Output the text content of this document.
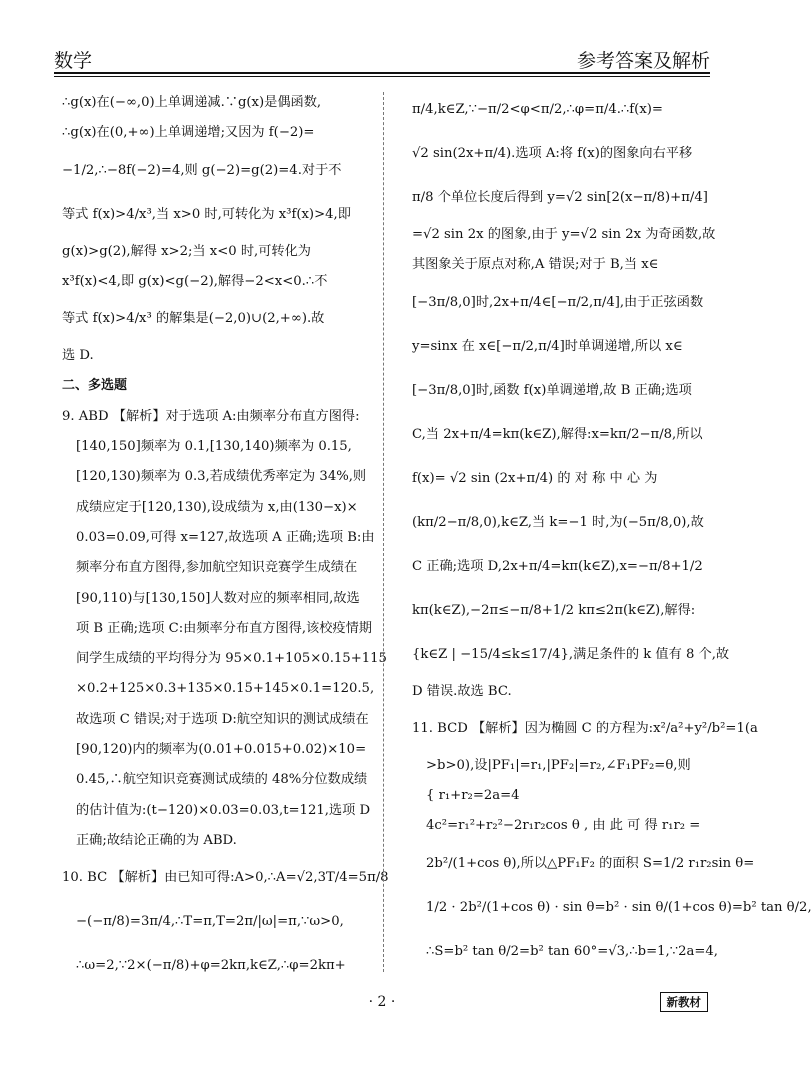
数学	参考答案及解析
∴g(x)在(−∞,0)上单调递减.∵g(x)是偶函数,
∴g(x)在(0,+∞)上单调递增;又因为 f(−2)=
−1/2,∴−8f(−2)=4,则 g(−2)=g(2)=4.对于不
等式 f(x)>4/x³,当 x>0 时,可转化为 x³f(x)>4,即
g(x)>g(2),解得 x>2;当 x<0 时,可转化为
x³f(x)<4,即 g(x)<g(−2),解得−2<x<0.∴不
等式 f(x)>4/x³ 的解集是(−2,0)∪(2,+∞).故
选 D.
二、多选题
9. ABD 【解析】对于选项 A:由频率分布直方图得:
[140,150]频率为 0.1,[130,140)频率为 0.15,
[120,130)频率为 0.3,若成绩优秀率定为 34%,则
成绩应定于[120,130),设成绩为 x,由(130−x)×
0.03=0.09,可得 x=127,故选项 A 正确;选项 B:由
频率分布直方图得,参加航空知识竞赛学生成绩在
[90,110)与[130,150]人数对应的频率相同,故选
项 B 正确;选项 C:由频率分布直方图得,该校疫情期
间学生成绩的平均得分为 95×0.1+105×0.15+115
×0.2+125×0.3+135×0.15+145×0.1=120.5,
故选项 C 错误;对于选项 D:航空知识的测试成绩在
[90,120)内的频率为(0.01+0.015+0.02)×10=
0.45,∴航空知识竞赛测试成绩的 48%分位数成绩
的估计值为:(t−120)×0.03=0.03,t=121,选项 D
正确;故结论正确的为 ABD.
10. BC 【解析】由已知可得:A>0,∴A=√2,3T/4=5π/8
−(−π/8)=3π/4,∴T=π,T=2π/|ω|=π,∵ω>0,
∴ω=2,∵2×(−π/8)+φ=2kπ,k∈Z,∴φ=2kπ+
π/4,k∈Z,∵−π/2<φ<π/2,∴φ=π/4.∴f(x)=
√2 sin(2x+π/4).选项 A:将 f(x)的图象向右平移
π/8 个单位长度后得到 y=√2 sin[2(x−π/8)+π/4]
=√2 sin 2x 的图象,由于 y=√2 sin 2x 为奇函数,故
其图象关于原点对称,A 错误;对于 B,当 x∈
[−3π/8,0]时,2x+π/4∈[−π/2,π/4],由于正弦函数
y=sinx 在 x∈[−π/2,π/4]时单调递增,所以 x∈
[−3π/8,0]时,函数 f(x)单调递增,故 B 正确;选项
C,当 2x+π/4=kπ(k∈Z),解得:x=kπ/2−π/8,所以
f(x)= √2 sin (2x+π/4) 的 对 称 中 心 为
(kπ/2−π/8,0),k∈Z,当 k=−1 时,为(−5π/8,0),故
C 正确;选项 D,2x+π/4=kπ(k∈Z),x=−π/8+1/2
kπ(k∈Z),−2π≤−π/8+1/2 kπ≤2π(k∈Z),解得:
{k∈Z | −15/4≤k≤17/4},满足条件的 k 值有 8 个,故
D 错误.故选 BC.
11. BCD 【解析】因为椭圆 C 的方程为:x²/a²+y²/b²=1(a
>b>0),设|PF₁|=r₁,|PF₂|=r₂,∠F₁PF₂=θ,则
{ r₁+r₂=2a=4
4c²=r₁²+r₂²−2r₁r₂cos θ , 由 此 可 得 r₁r₂ =
2b²/(1+cos θ),所以△PF₁F₂ 的面积 S=1/2 r₁r₂sin θ=
1/2 · 2b²/(1+cos θ) · sin θ=b² · sin θ/(1+cos θ)=b² tan θ/2,
∴S=b² tan θ/2=b² tan 60°=√3,∴b=1,∵2a=4,
· 2 ·	新教材
